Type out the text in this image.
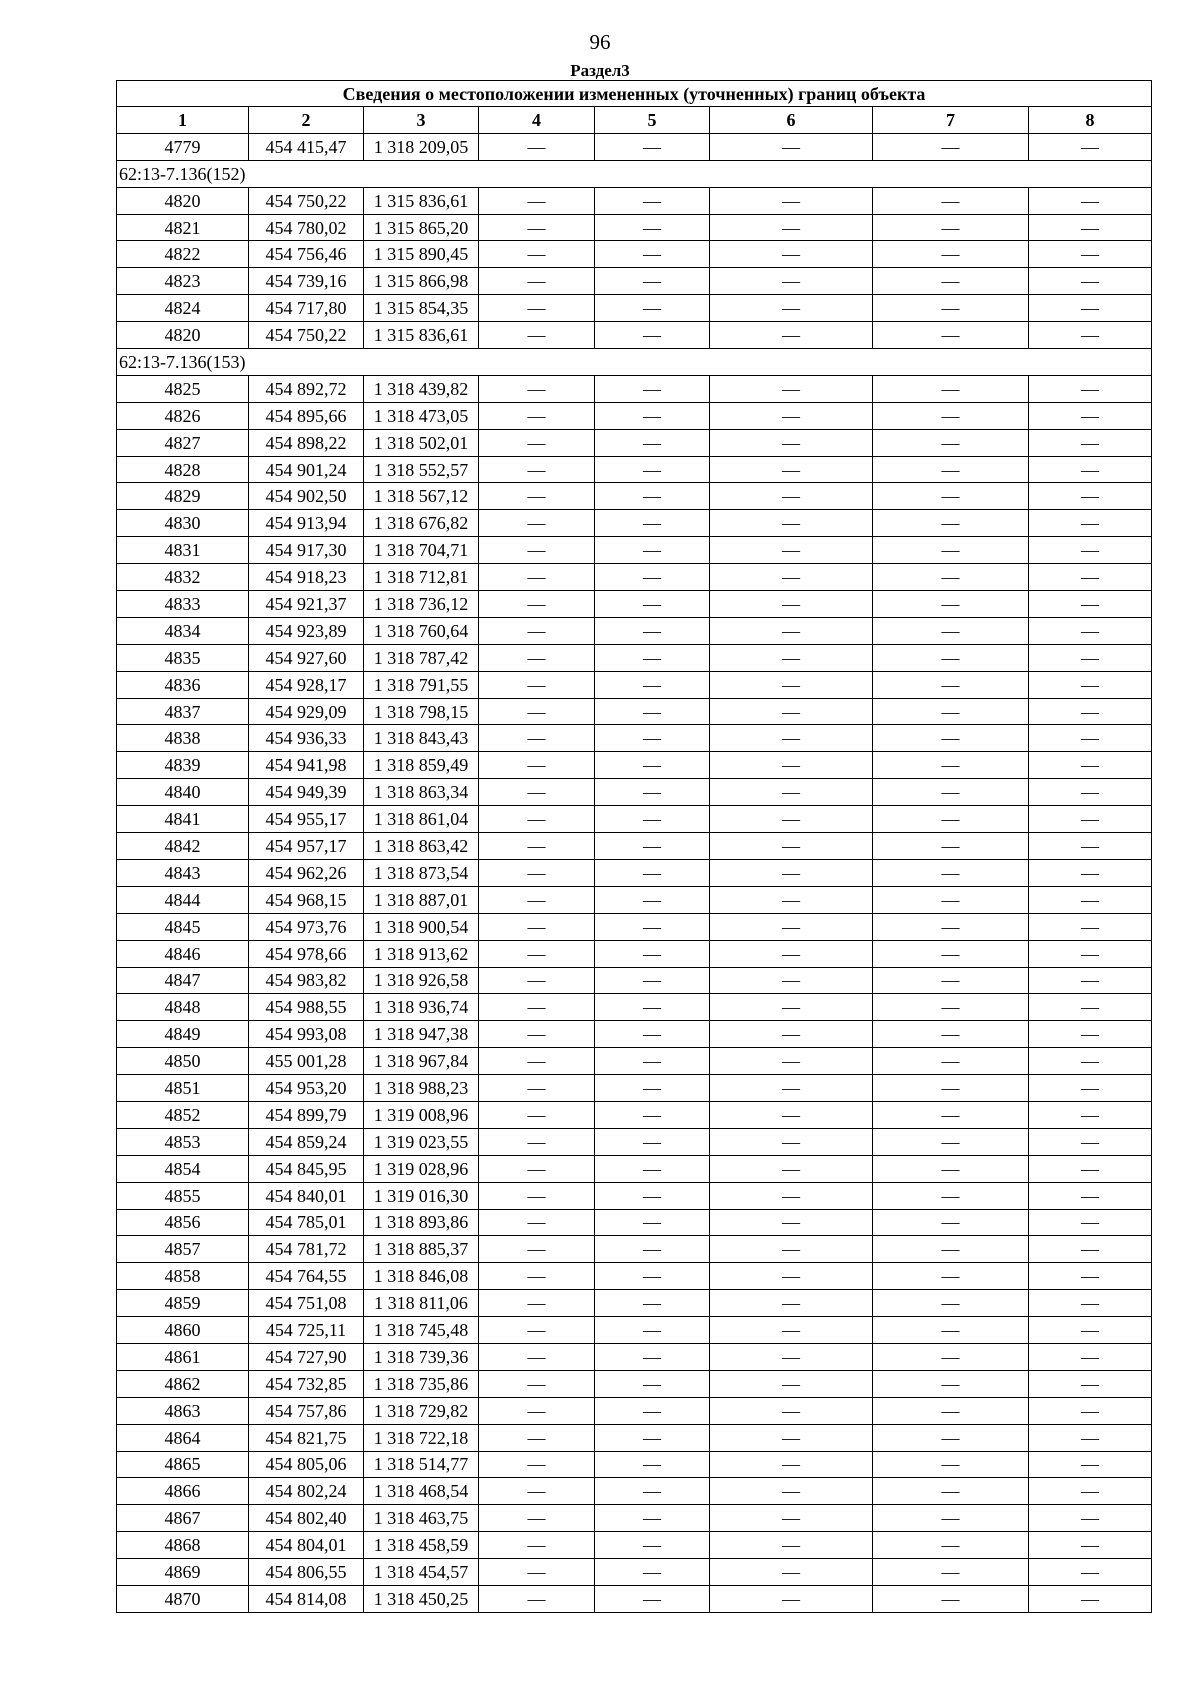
96
Раздел3
Сведения о местоположении измененных (уточненных) границ объекта							
1	2	3	4	5	6	7	8
4779	454 415,47	1 318 209,05	—	—	—	—	—
62:13-7.136(152)							
4820	454 750,22	1 315 836,61	—	—	—	—	—
4821	454 780,02	1 315 865,20	—	—	—	—	—
4822	454 756,46	1 315 890,45	—	—	—	—	—
4823	454 739,16	1 315 866,98	—	—	—	—	—
4824	454 717,80	1 315 854,35	—	—	—	—	—
4820	454 750,22	1 315 836,61	—	—	—	—	—
62:13-7.136(153)							
4825	454 892,72	1 318 439,82	—	—	—	—	—
4826	454 895,66	1 318 473,05	—	—	—	—	—
4827	454 898,22	1 318 502,01	—	—	—	—	—
4828	454 901,24	1 318 552,57	—	—	—	—	—
4829	454 902,50	1 318 567,12	—	—	—	—	—
4830	454 913,94	1 318 676,82	—	—	—	—	—
4831	454 917,30	1 318 704,71	—	—	—	—	—
4832	454 918,23	1 318 712,81	—	—	—	—	—
4833	454 921,37	1 318 736,12	—	—	—	—	—
4834	454 923,89	1 318 760,64	—	—	—	—	—
4835	454 927,60	1 318 787,42	—	—	—	—	—
4836	454 928,17	1 318 791,55	—	—	—	—	—
4837	454 929,09	1 318 798,15	—	—	—	—	—
4838	454 936,33	1 318 843,43	—	—	—	—	—
4839	454 941,98	1 318 859,49	—	—	—	—	—
4840	454 949,39	1 318 863,34	—	—	—	—	—
4841	454 955,17	1 318 861,04	—	—	—	—	—
4842	454 957,17	1 318 863,42	—	—	—	—	—
4843	454 962,26	1 318 873,54	—	—	—	—	—
4844	454 968,15	1 318 887,01	—	—	—	—	—
4845	454 973,76	1 318 900,54	—	—	—	—	—
4846	454 978,66	1 318 913,62	—	—	—	—	—
4847	454 983,82	1 318 926,58	—	—	—	—	—
4848	454 988,55	1 318 936,74	—	—	—	—	—
4849	454 993,08	1 318 947,38	—	—	—	—	—
4850	455 001,28	1 318 967,84	—	—	—	—	—
4851	454 953,20	1 318 988,23	—	—	—	—	—
4852	454 899,79	1 319 008,96	—	—	—	—	—
4853	454 859,24	1 319 023,55	—	—	—	—	—
4854	454 845,95	1 319 028,96	—	—	—	—	—
4855	454 840,01	1 319 016,30	—	—	—	—	—
4856	454 785,01	1 318 893,86	—	—	—	—	—
4857	454 781,72	1 318 885,37	—	—	—	—	—
4858	454 764,55	1 318 846,08	—	—	—	—	—
4859	454 751,08	1 318 811,06	—	—	—	—	—
4860	454 725,11	1 318 745,48	—	—	—	—	—
4861	454 727,90	1 318 739,36	—	—	—	—	—
4862	454 732,85	1 318 735,86	—	—	—	—	—
4863	454 757,86	1 318 729,82	—	—	—	—	—
4864	454 821,75	1 318 722,18	—	—	—	—	—
4865	454 805,06	1 318 514,77	—	—	—	—	—
4866	454 802,24	1 318 468,54	—	—	—	—	—
4867	454 802,40	1 318 463,75	—	—	—	—	—
4868	454 804,01	1 318 458,59	—	—	—	—	—
4869	454 806,55	1 318 454,57	—	—	—	—	—
4870	454 814,08	1 318 450,25	—	—	—	—	—
